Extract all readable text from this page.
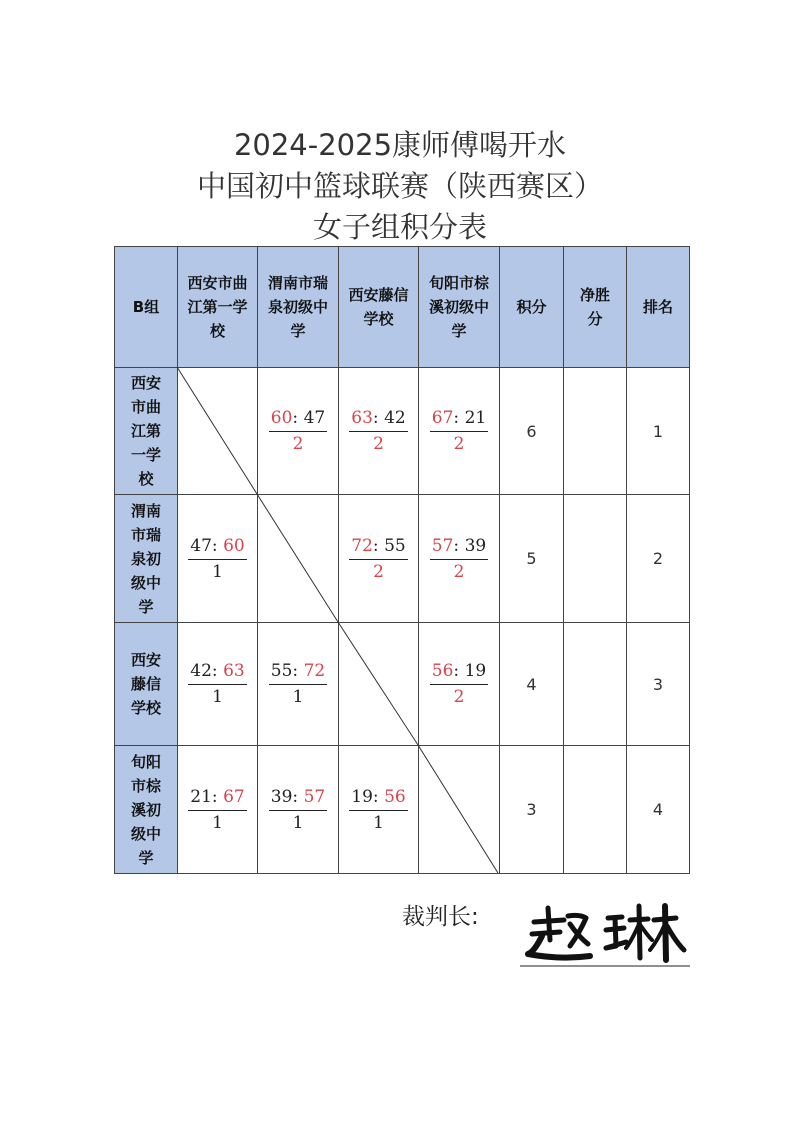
2024-2025康师傅喝开水
中国初中篮球联赛（陕西赛区）
女子组积分表
B组	西安市曲江第一学校	渭南市瑞泉初级中学	西安藤信学校	旬阳市棕溪初级中学	积分	净胜分	排名

西安市曲江第一学校		$\frac{60: 47}{2}$	$\frac{63: 42}{2}$	$\frac{67: 21}{2}$	6		1

渭南市瑞泉初级中学	$\frac{47: 60}{1}$		$\frac{72: 55}{2}$	$\frac{57: 39}{2}$	5		2

西安藤信学校	$\frac{42: 63}{1}$	$\frac{55: 72}{1}$		$\frac{56: 19}{2}$	4		3

旬阳市棕溪初级中学	$\frac{21: 67}{1}$	$\frac{39: 57}{1}$	$\frac{19: 56}{1}$		3		4
裁判长:
